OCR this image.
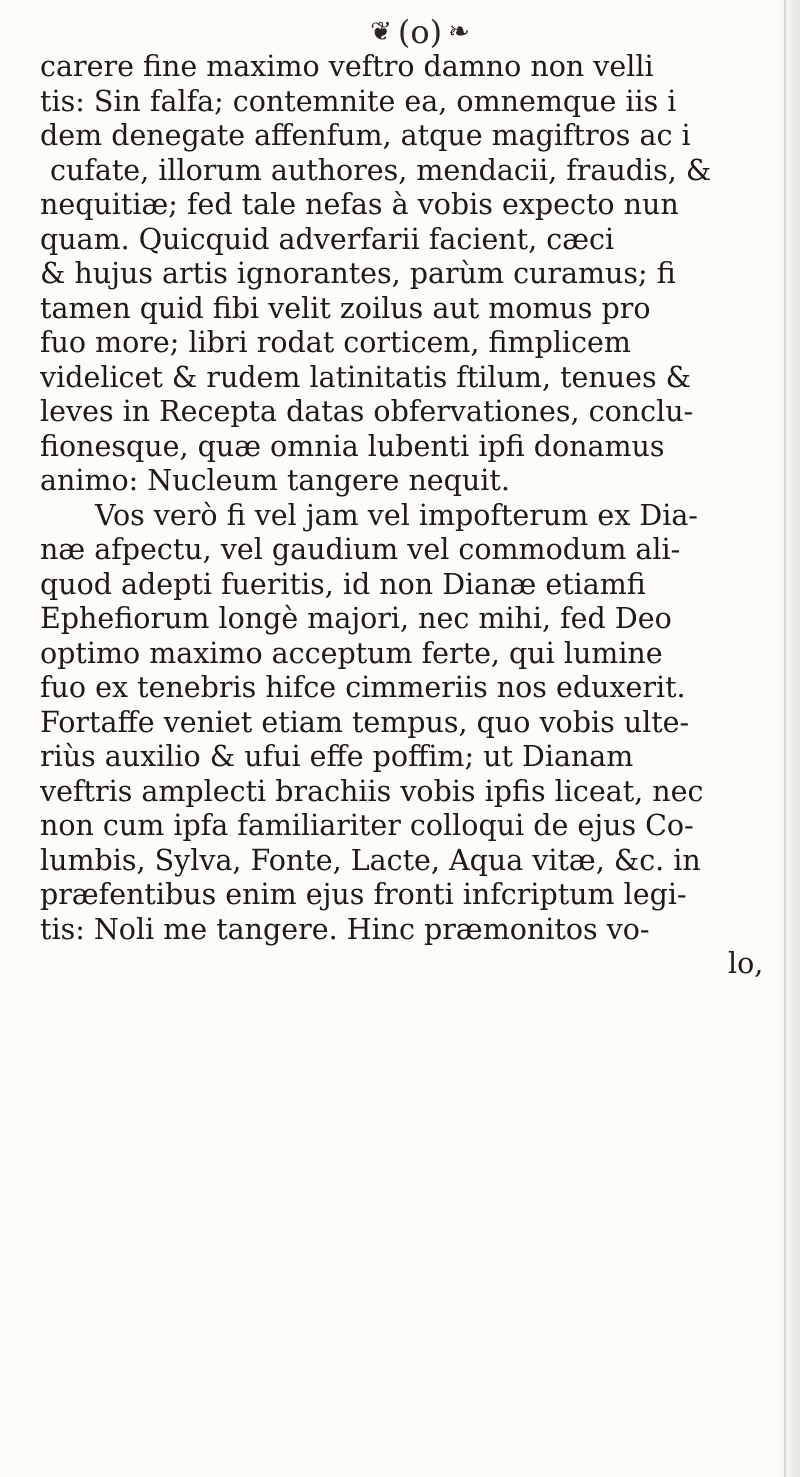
❦ (o) ❧
carere fine maximo veftro damno non velli
tis: Sin falfa; contemnite ea, omnemque iis i
dem denegate affenfum, atque magiftros ac i
cufate, illorum authores, mendacii, fraudis, &
nequitiæ; fed tale nefas à vobis expecto nun
quam. Quicquid adverfarii facient, cæci
& hujus artis ignorantes, parùm curamus; fi
tamen quid fibi velit zoilus aut momus pro
fuo more; libri rodat corticem, fimplicem
videlicet & rudem latinitatis ftilum, tenues &
leves in Recepta datas obfervationes, conclu-
fionesque, quæ omnia lubenti ipfi donamus
animo: Nucleum tangere nequit.
Vos verò fi vel jam vel impofterum ex Dia-
næ afpectu, vel gaudium vel commodum ali-
quod adepti fueritis, id non Dianæ etiamfi
Ephefiorum longè majori, nec mihi, fed Deo
optimo maximo acceptum ferte, qui lumine
fuo ex tenebris hifce cimmeriis nos eduxerit.
Fortaffe veniet etiam tempus, quo vobis ulte-
riùs auxilio & ufui effe poffim; ut Dianam
veftris amplecti brachiis vobis ipfis liceat, nec
non cum ipfa familiariter colloqui de ejus Co-
lumbis, Sylva, Fonte, Lacte, Aqua vitæ, &c. in
præfentibus enim ejus fronti infcriptum legi-
tis: Noli me tangere. Hinc præmonitos vo-
lo,
